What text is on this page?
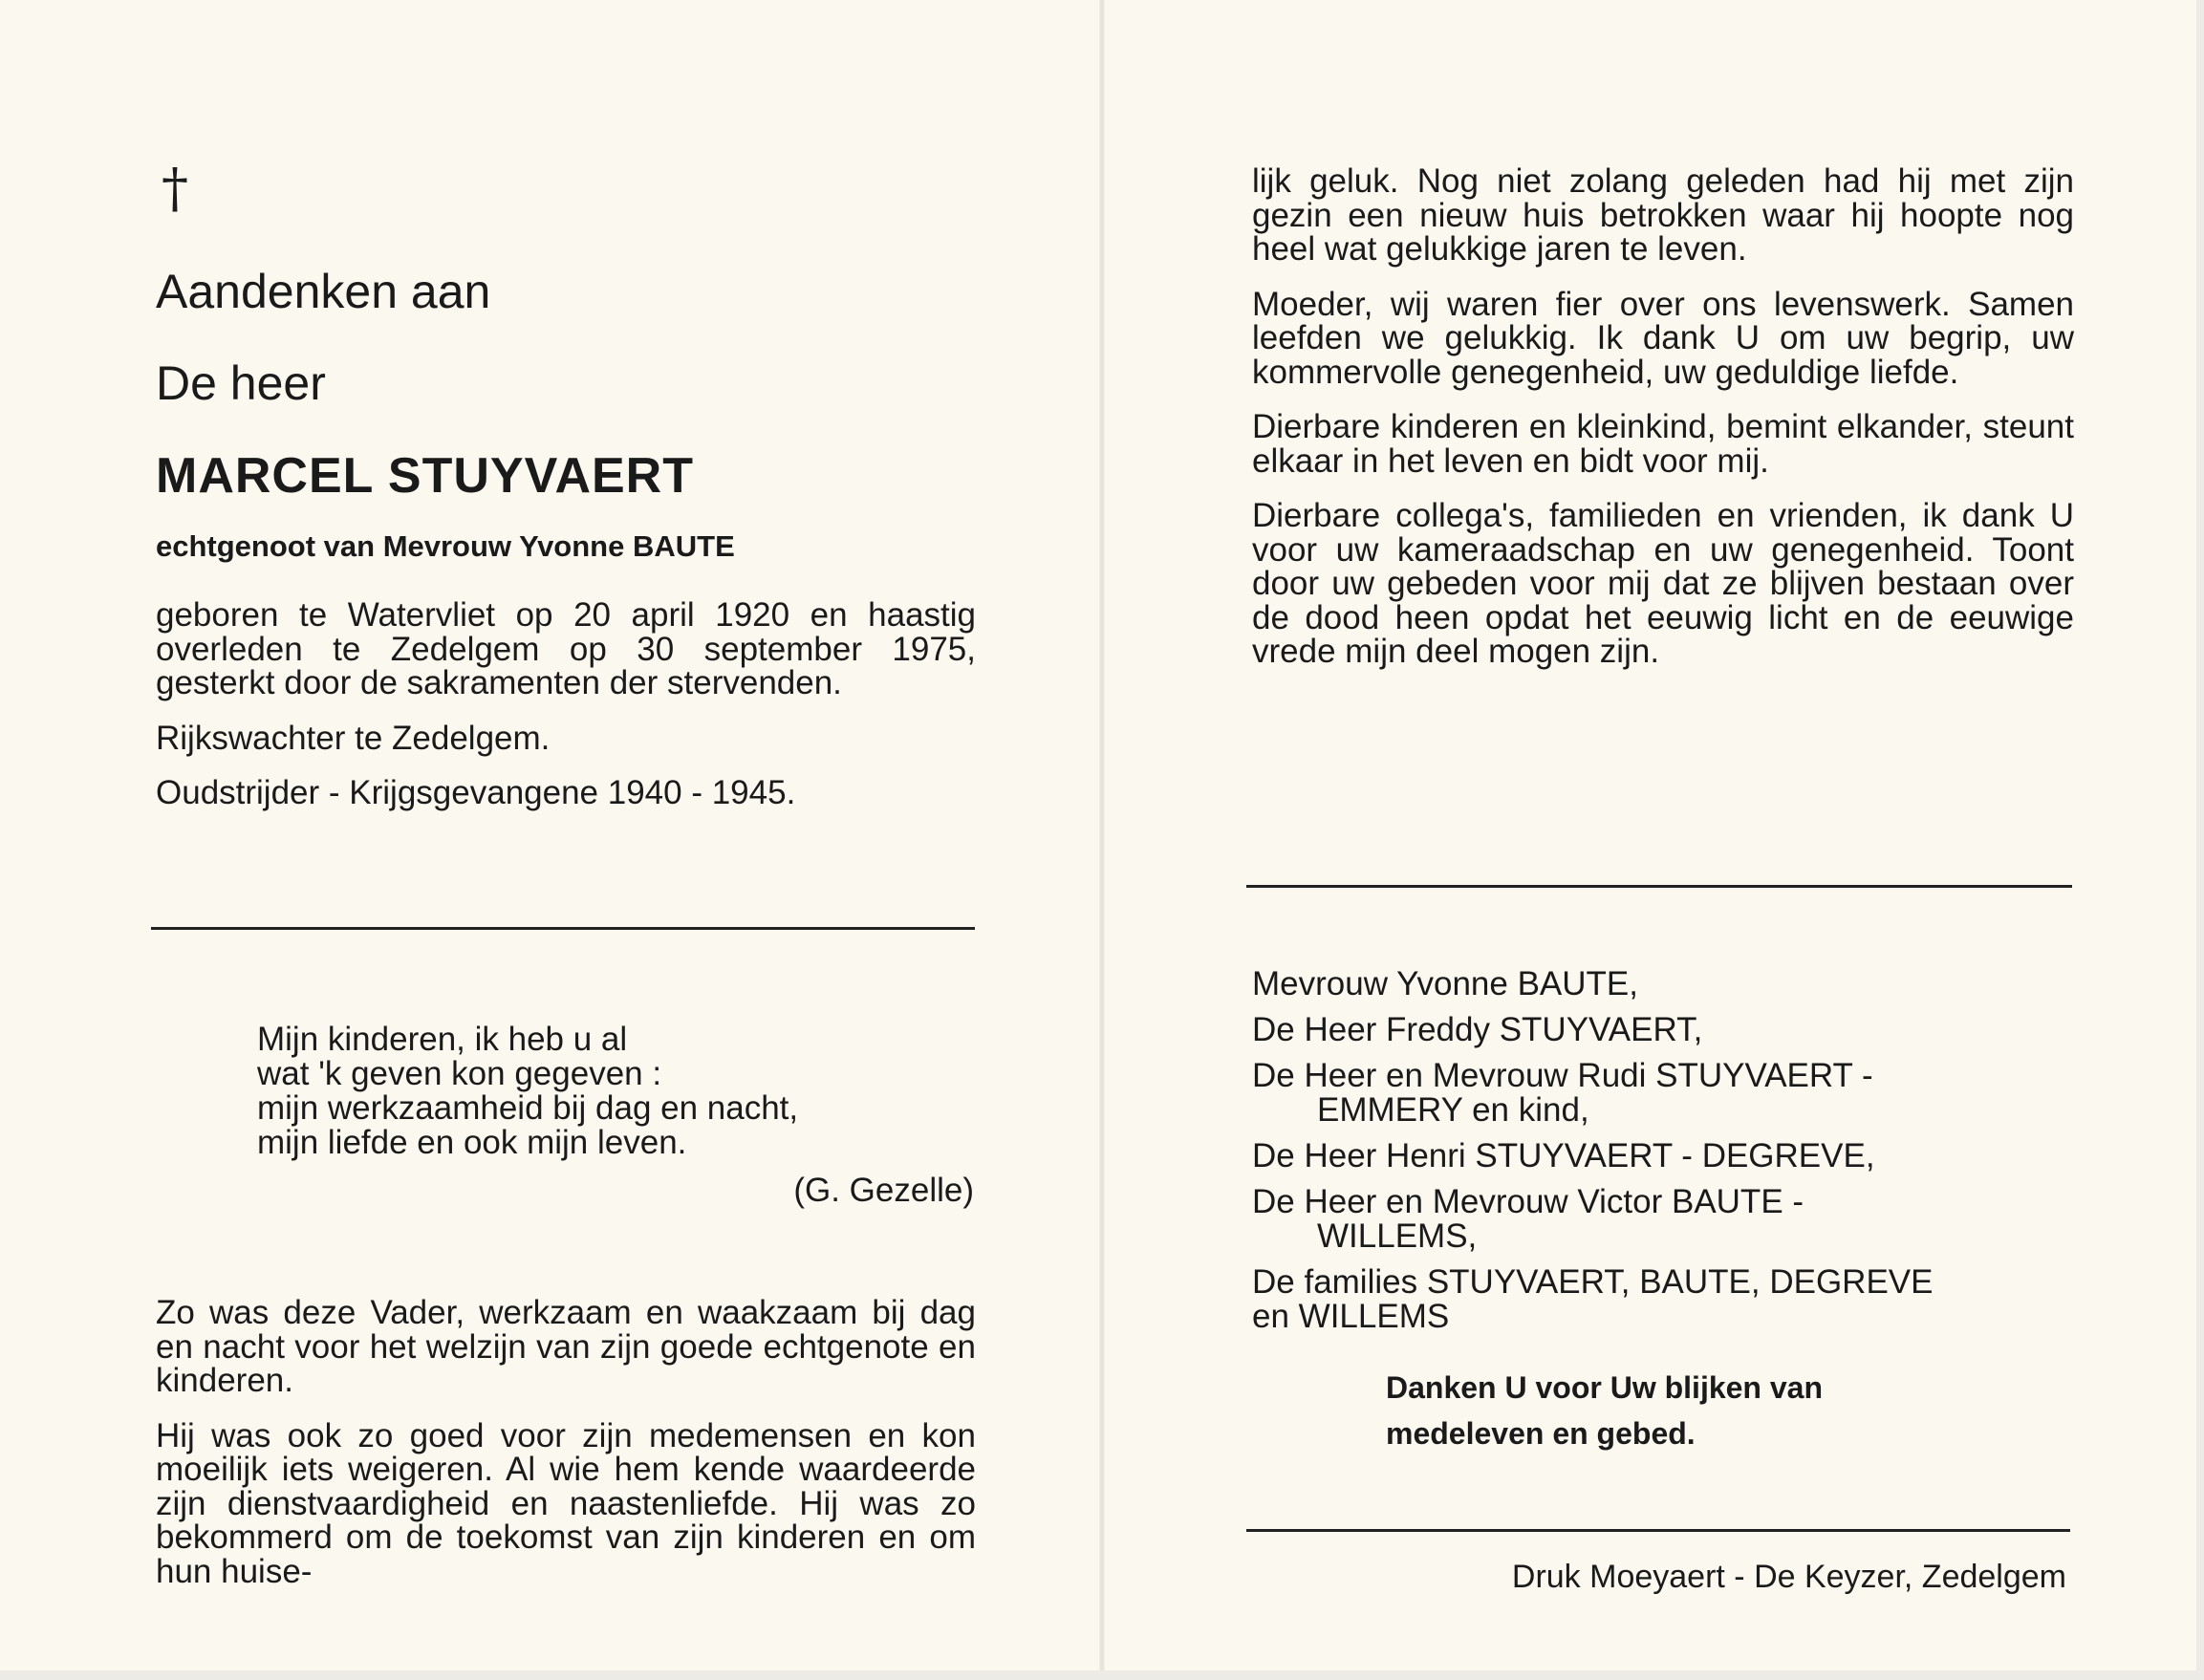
†
Aandenken aan
De heer
MARCEL STUYVAERT
echtgenoot van Mevrouw Yvonne BAUTE

geboren te Watervliet op 20 april 1920 en haastig overleden te Zedelgem op 30 september 1975, gesterkt door de sakramenten der stervenden.

Rijkswachter te Zedelgem.

Oudstrijder - Krijgsgevangene 1940 - 1945.

Mijn kinderen, ik heb u al
wat 'k geven kon gegeven :
mijn werkzaamheid bij dag en nacht,
mijn liefde en ook mijn leven.
(G. Gezelle)

Zo was deze Vader, werkzaam en waakzaam bij dag en nacht voor het welzijn van zijn goede echtgenote en kinderen.

Hij was ook zo goed voor zijn medemensen en kon moeilijk iets weigeren. Al wie hem kende waardeerde zijn dienstvaardigheid en naastenliefde. Hij was zo bekommerd om de toekomst van zijn kinderen en om hun huise-

lijk geluk. Nog niet zolang geleden had hij met zijn gezin een nieuw huis betrokken waar hij hoopte nog heel wat gelukkige jaren te leven.

Moeder, wij waren fier over ons levenswerk. Samen leefden we gelukkig. Ik dank U om uw begrip, uw kommervolle genegenheid, uw geduldige liefde.

Dierbare kinderen en kleinkind, bemint elkander, steunt elkaar in het leven en bidt voor mij.

Dierbare collega's, familieden en vrienden, ik dank U voor uw kameraadschap en uw genegenheid. Toont door uw gebeden voor mij dat ze blijven bestaan over de dood heen opdat het eeuwig licht en de eeuwige vrede mijn deel mogen zijn.

Mevrouw Yvonne BAUTE,
De Heer Freddy STUYVAERT,
De Heer en Mevrouw Rudi STUYVAERT -
EMMERY en kind,
De Heer Henri STUYVAERT - DEGREVE,
De Heer en Mevrouw Victor BAUTE -
WILLEMS,
De families STUYVAERT, BAUTE, DEGREVE
en WILLEMS
Danken U voor Uw blijken van
medeleven en gebed.
Druk Moeyaert - De Keyzer, Zedelgem
